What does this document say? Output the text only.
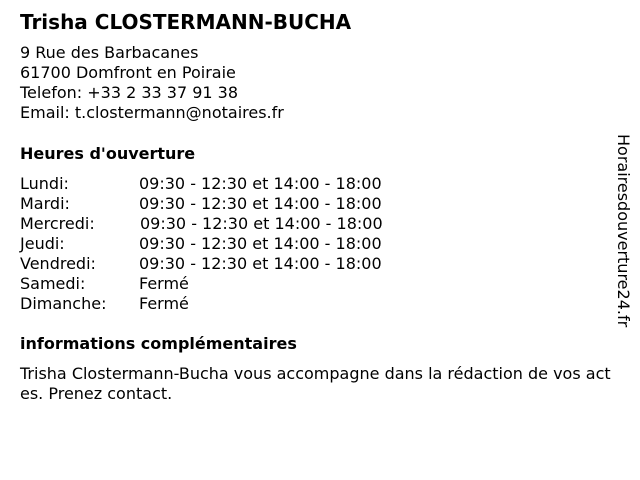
Trisha CLOSTERMANN-BUCHA
9 Rue des Barbacanes
61700 Domfront en Poiraie
Telefon: +33 2 33 37 91 38
Email: t.clostermann@notaires.fr
Heures d'ouverture
Lundi:	09:30 - 12:30 et 14:00 - 18:00
Mardi:	09:30 - 12:30 et 14:00 - 18:00
Mercredi:	09:30 - 12:30 et 14:00 - 18:00
Jeudi:	09:30 - 12:30 et 14:00 - 18:00
Vendredi:	09:30 - 12:30 et 14:00 - 18:00
Samedi:	Fermé
Dimanche: Fermé
informations complémentaires
Trisha Clostermann-Bucha vous accompagne dans la rédaction de vos actes. Prenez contact.
Horairesdouverture24.fr
